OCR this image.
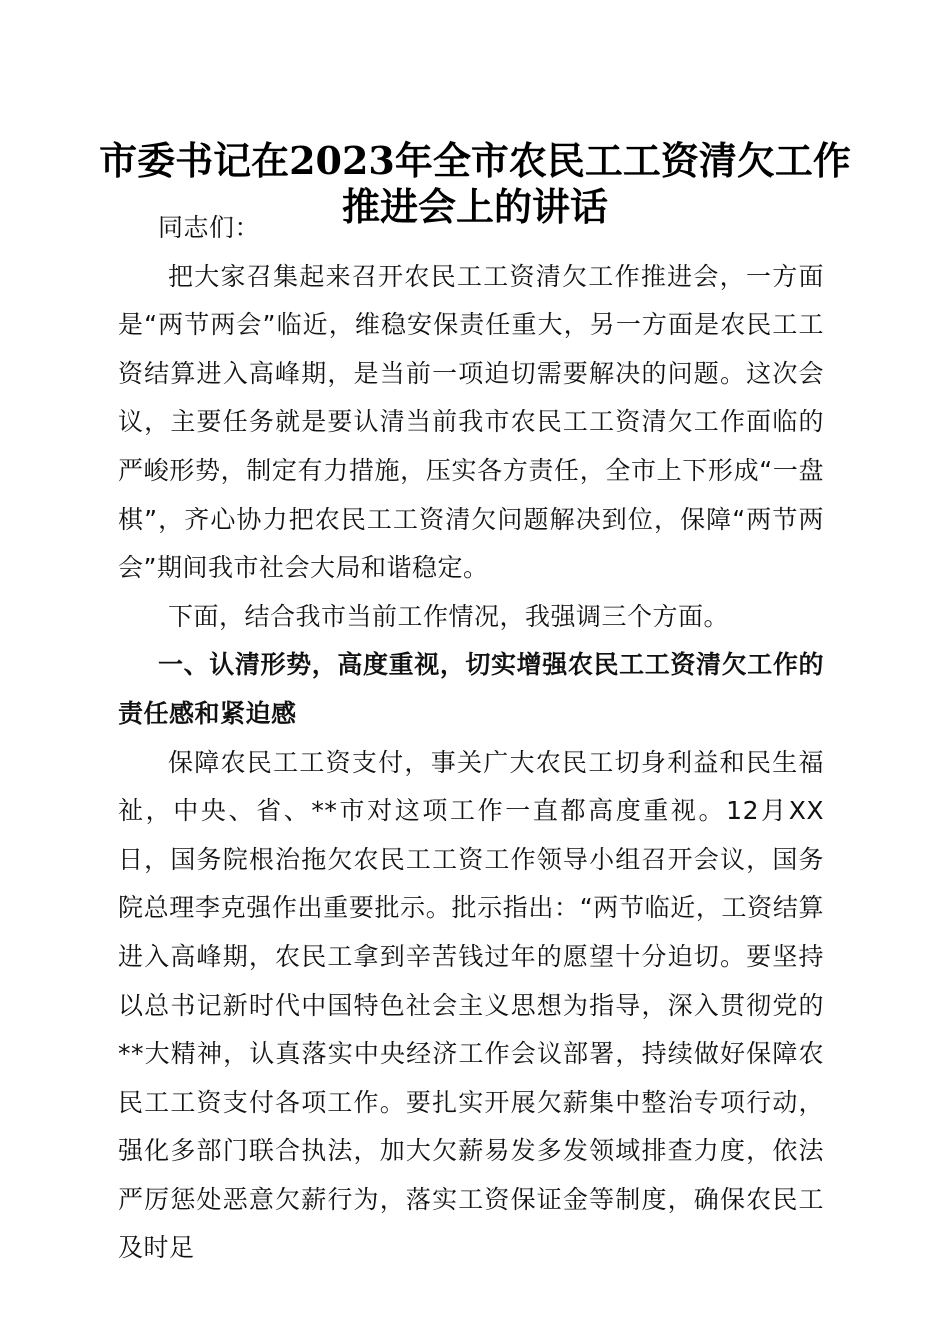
市委书记在2023年全市农民工工资清欠工作
推进会上的讲话

同志们：

把大家召集起来召开农民工工资清欠工作推进会，一方面是“两节两会”临近，维稳安保责任重大，另一方面是农民工工资结算进入高峰期，是当前一项迫切需要解决的问题。这次会议，主要任务就是要认清当前我市农民工工资清欠工作面临的严峻形势，制定有力措施，压实各方责任，全市上下形成“一盘棋”，齐心协力把农民工工资清欠问题解决到位，保障“两节两会”期间我市社会大局和谐稳定。

下面，结合我市当前工作情况，我强调三个方面。

一、认清形势，高度重视，切实增强农民工工资清欠工作的责任感和紧迫感

保障农民工工资支付，事关广大农民工切身利益和民生福祉，中央、省、**市对这项工作一直都高度重视。12月XX日，国务院根治拖欠农民工工资工作领导小组召开会议，国务院总理李克强作出重要批示。批示指出：“两节临近，工资结算进入高峰期，农民工拿到辛苦钱过年的愿望十分迫切。要坚持以总书记新时代中国特色社会主义思想为指导，深入贯彻党的**大精神，认真落实中央经济工作会议部署，持续做好保障农民工工资支付各项工作。要扎实开展欠薪集中整治专项行动，强化多部门联合执法，加大欠薪易发多发领域排查力度，依法严厉惩处恶意欠薪行为，落实工资保证金等制度，确保农民工及时足
